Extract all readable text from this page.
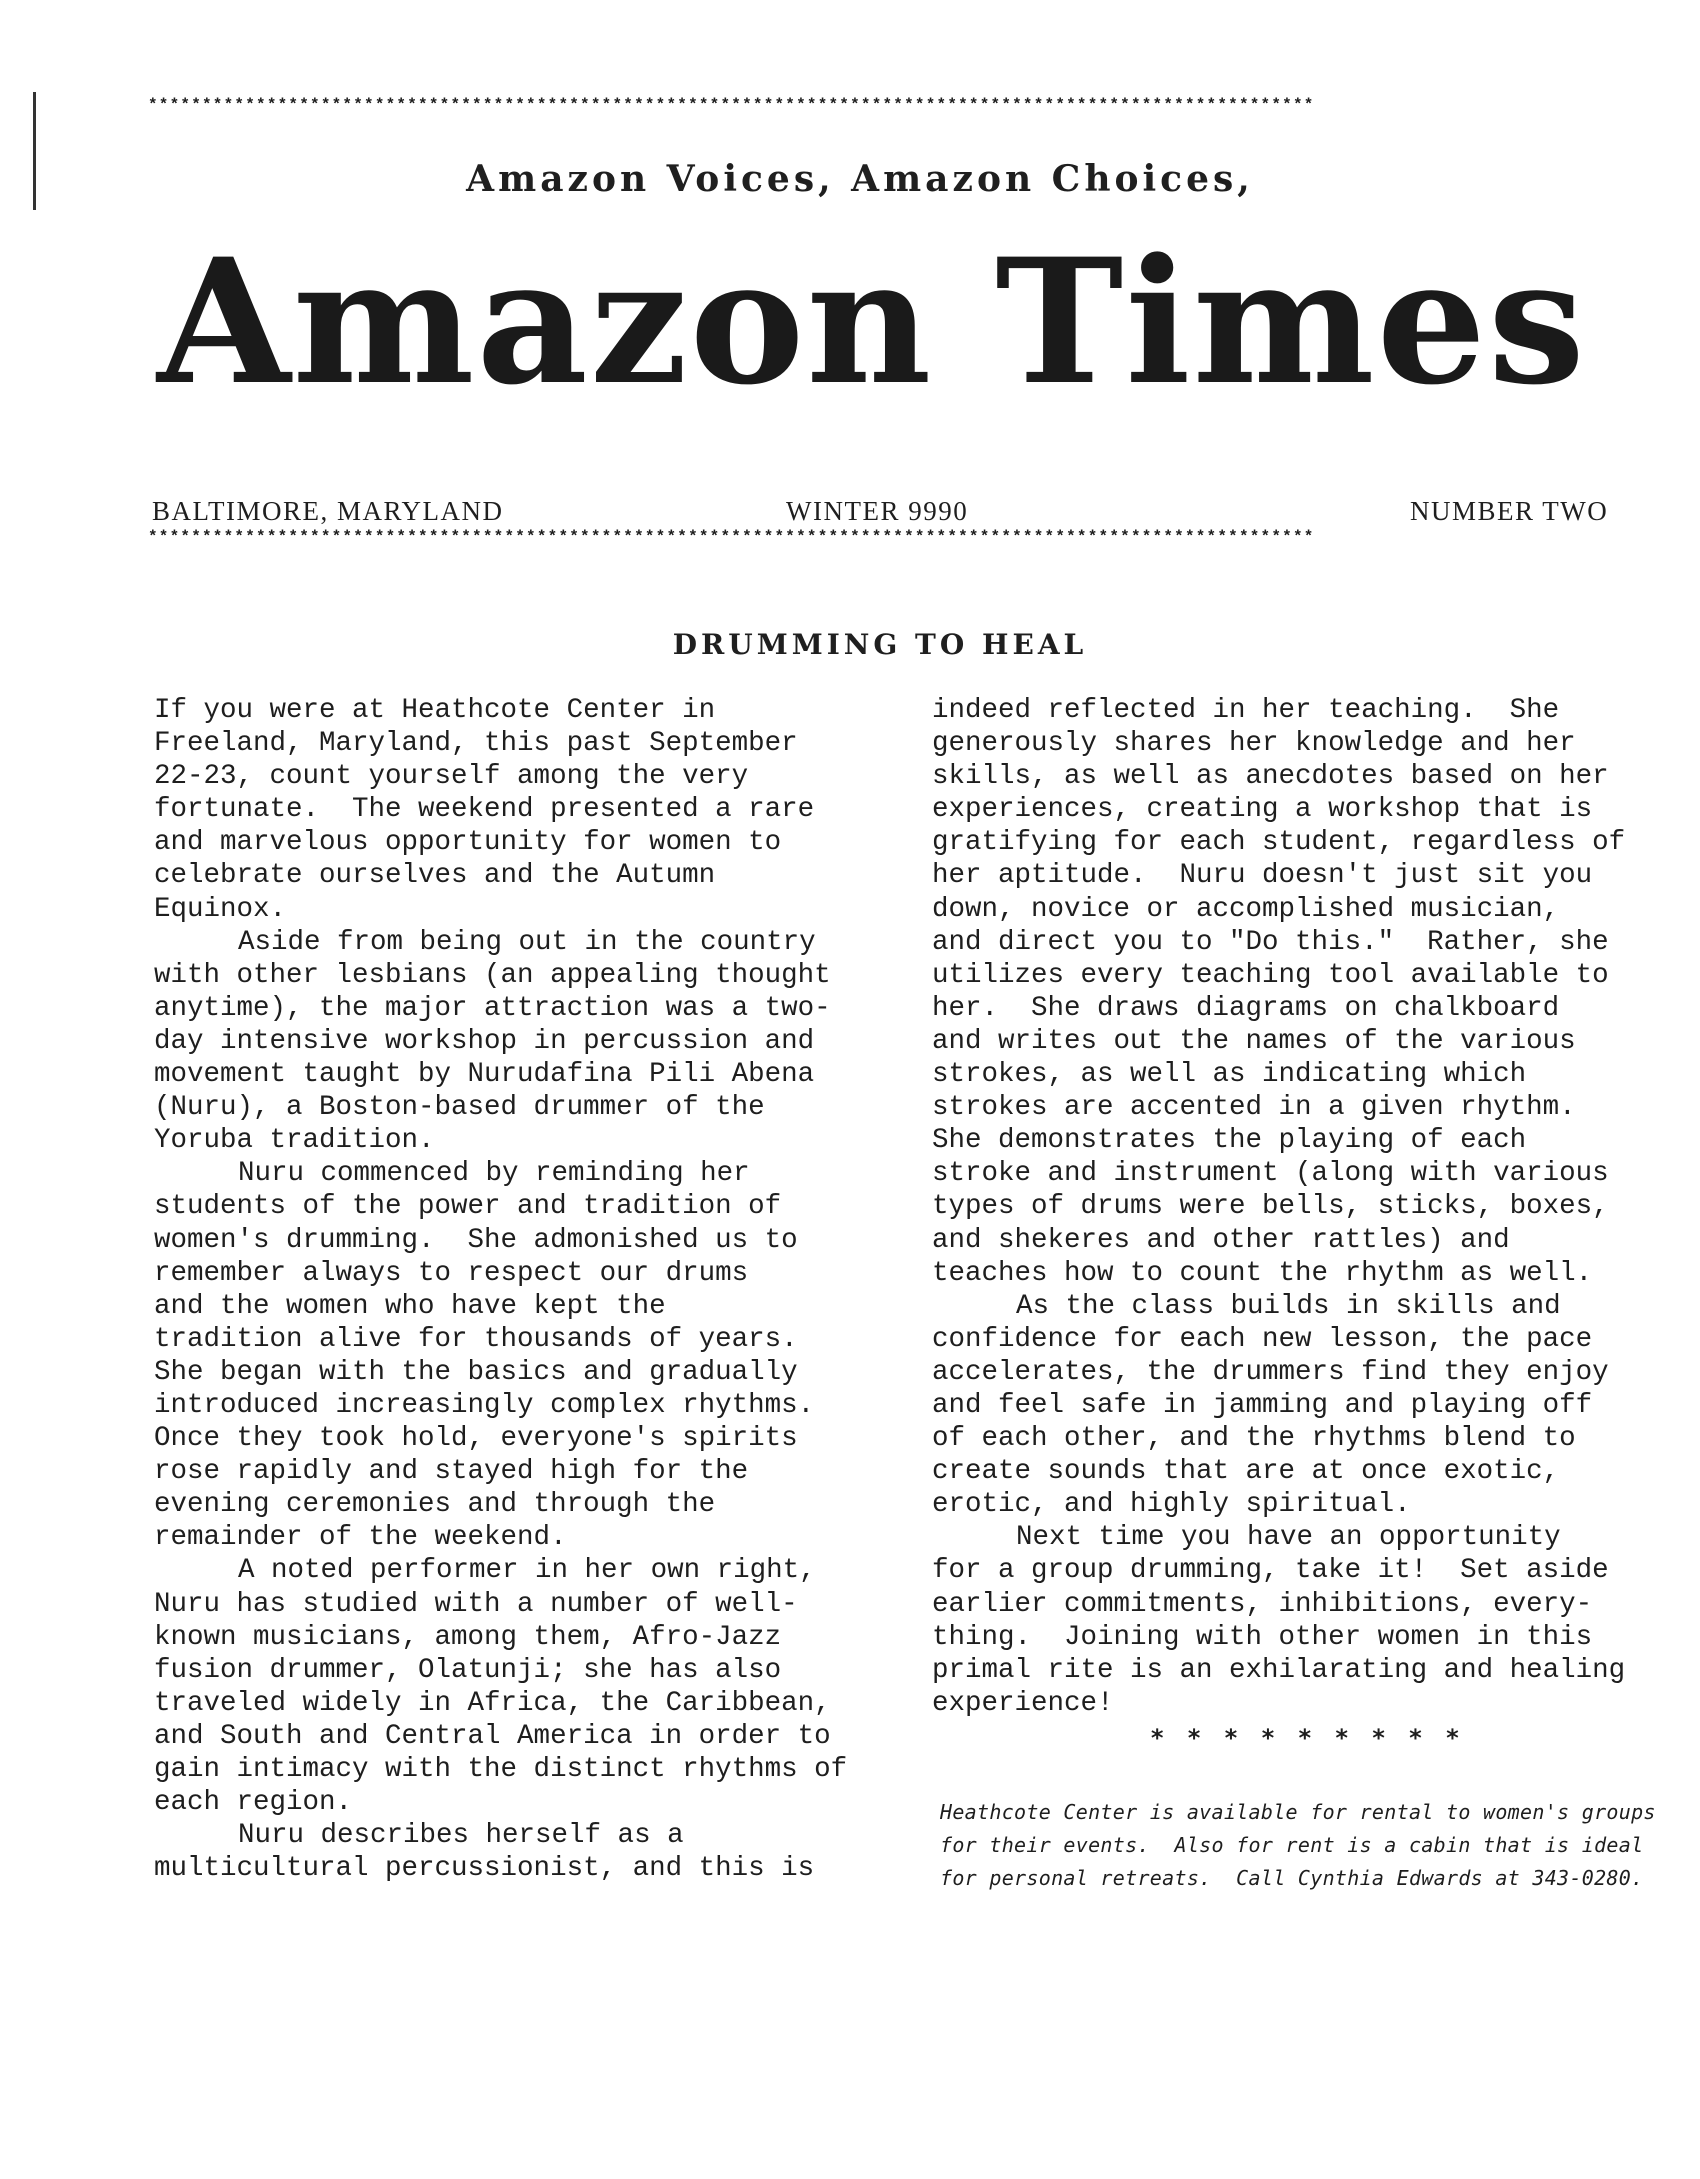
************************************************************************************************************
Amazon Voices, Amazon Choices,
Amazon Times
BALTIMORE, MARYLAND	WINTER 9990	NUMBER TWO
************************************************************************************************************
DRUMMING TO HEAL
If you were at Heathcote Center in
Freeland, Maryland, this past September
22-23, count yourself among the very
fortunate.  The weekend presented a rare
and marvelous opportunity for women to
celebrate ourselves and the Autumn
Equinox.
Aside from being out in the country
with other lesbians (an appealing thought
anytime), the major attraction was a two-
day intensive workshop in percussion and
movement taught by Nurudafina Pili Abena
(Nuru), a Boston-based drummer of the
Yoruba tradition.
Nuru commenced by reminding her
students of the power and tradition of
women's drumming.  She admonished us to
remember always to respect our drums
and the women who have kept the
tradition alive for thousands of years.
She began with the basics and gradually
introduced increasingly complex rhythms.
Once they took hold, everyone's spirits
rose rapidly and stayed high for the
evening ceremonies and through the
remainder of the weekend.
A noted performer in her own right,
Nuru has studied with a number of well-
known musicians, among them, Afro-Jazz
fusion drummer, Olatunji; she has also
traveled widely in Africa, the Caribbean,
and South and Central America in order to
gain intimacy with the distinct rhythms of
each region.
Nuru describes herself as a
multicultural percussionist, and this is
indeed reflected in her teaching.  She
generously shares her knowledge and her
skills, as well as anecdotes based on her
experiences, creating a workshop that is
gratifying for each student, regardless of
her aptitude.  Nuru doesn't just sit you
down, novice or accomplished musician,
and direct you to "Do this."  Rather, she
utilizes every teaching tool available to
her.  She draws diagrams on chalkboard
and writes out the names of the various
strokes, as well as indicating which
strokes are accented in a given rhythm.
She demonstrates the playing of each
stroke and instrument (along with various
types of drums were bells, sticks, boxes,
and shekeres and other rattles) and
teaches how to count the rhythm as well.
As the class builds in skills and
confidence for each new lesson, the pace
accelerates, the drummers find they enjoy
and feel safe in jamming and playing off
of each other, and the rhythms blend to
create sounds that are at once exotic,
erotic, and highly spiritual.
Next time you have an opportunity
for a group drumming, take it!  Set aside
earlier commitments, inhibitions, every-
thing.  Joining with other women in this
primal rite is an exhilarating and healing
experience!
* * * * * * * * *
Heathcote Center is available for rental to women's groups
for their events.  Also for rent is a cabin that is ideal
for personal retreats.  Call Cynthia Edwards at 343-0280.
